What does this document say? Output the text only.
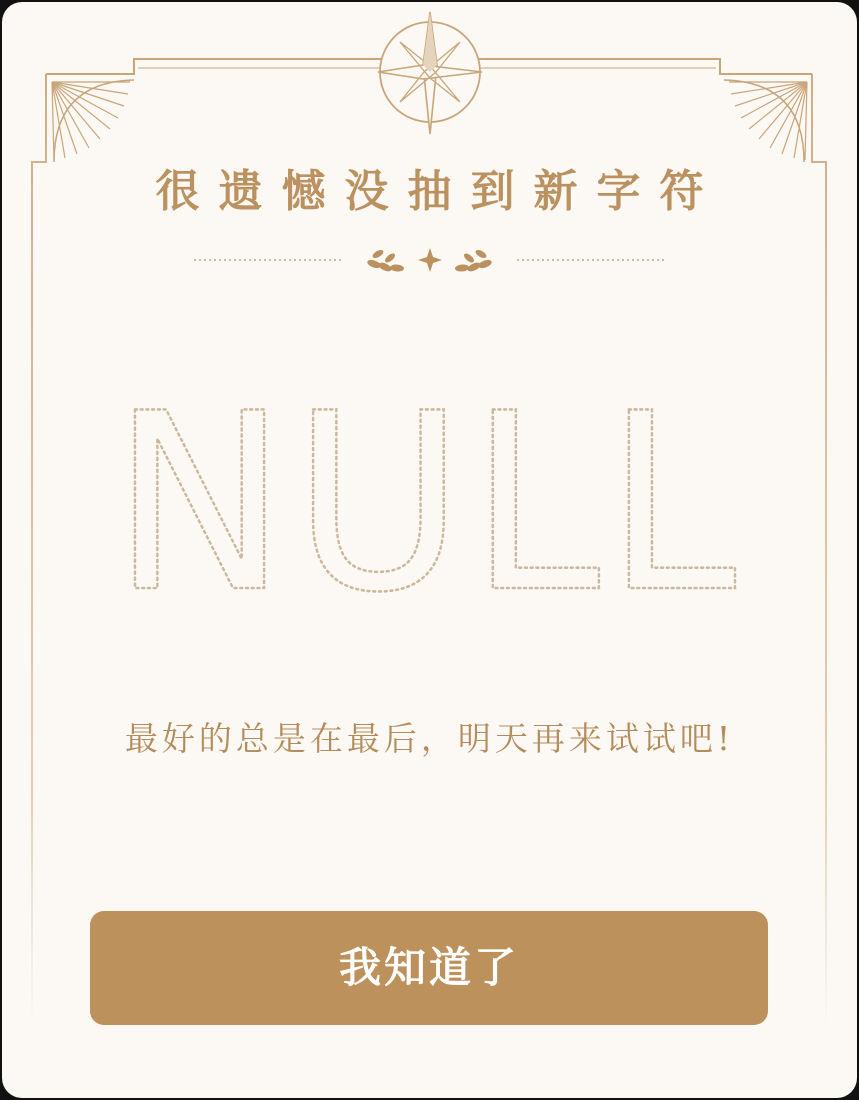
很遗憾没抽到新字符
NULL
最好的总是在最后，明天再来试试吧!
我知道了
